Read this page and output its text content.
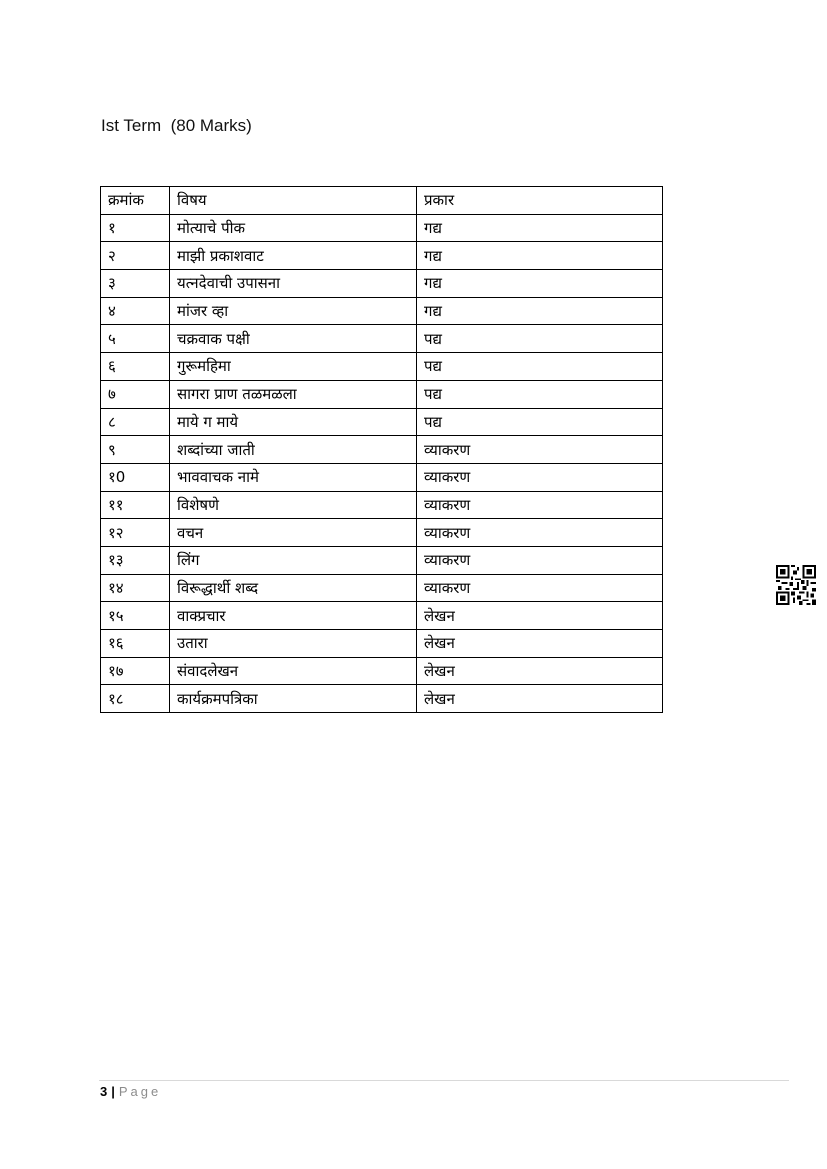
Ist Term  (80 Marks)
क्रमांक	विषय	प्रकार
१	मोत्याचे पीक	गद्य
२	माझी प्रकाशवाट	गद्य
३	यत्नदेवाची उपासना	गद्य
४	मांजर व्हा	गद्य
५	चक्रवाक पक्षी	पद्य
६	गुरूमहिमा	पद्य
७	सागरा प्राण तळमळला	पद्य
८	माये ग माये	पद्य
९	शब्दांच्या जाती	व्याकरण
१0	भाववाचक नामे	व्याकरण
११	विशेषणे	व्याकरण
१२	वचन	व्याकरण
१३	लिंग	व्याकरण
१४	विरूद्धार्थी शब्द	व्याकरण
१५	वाक्प्रचार	लेखन
१६	उतारा	लेखन
१७	संवादलेखन	लेखन
१८	कार्यक्रमपत्रिका	लेखन
3 | Page
